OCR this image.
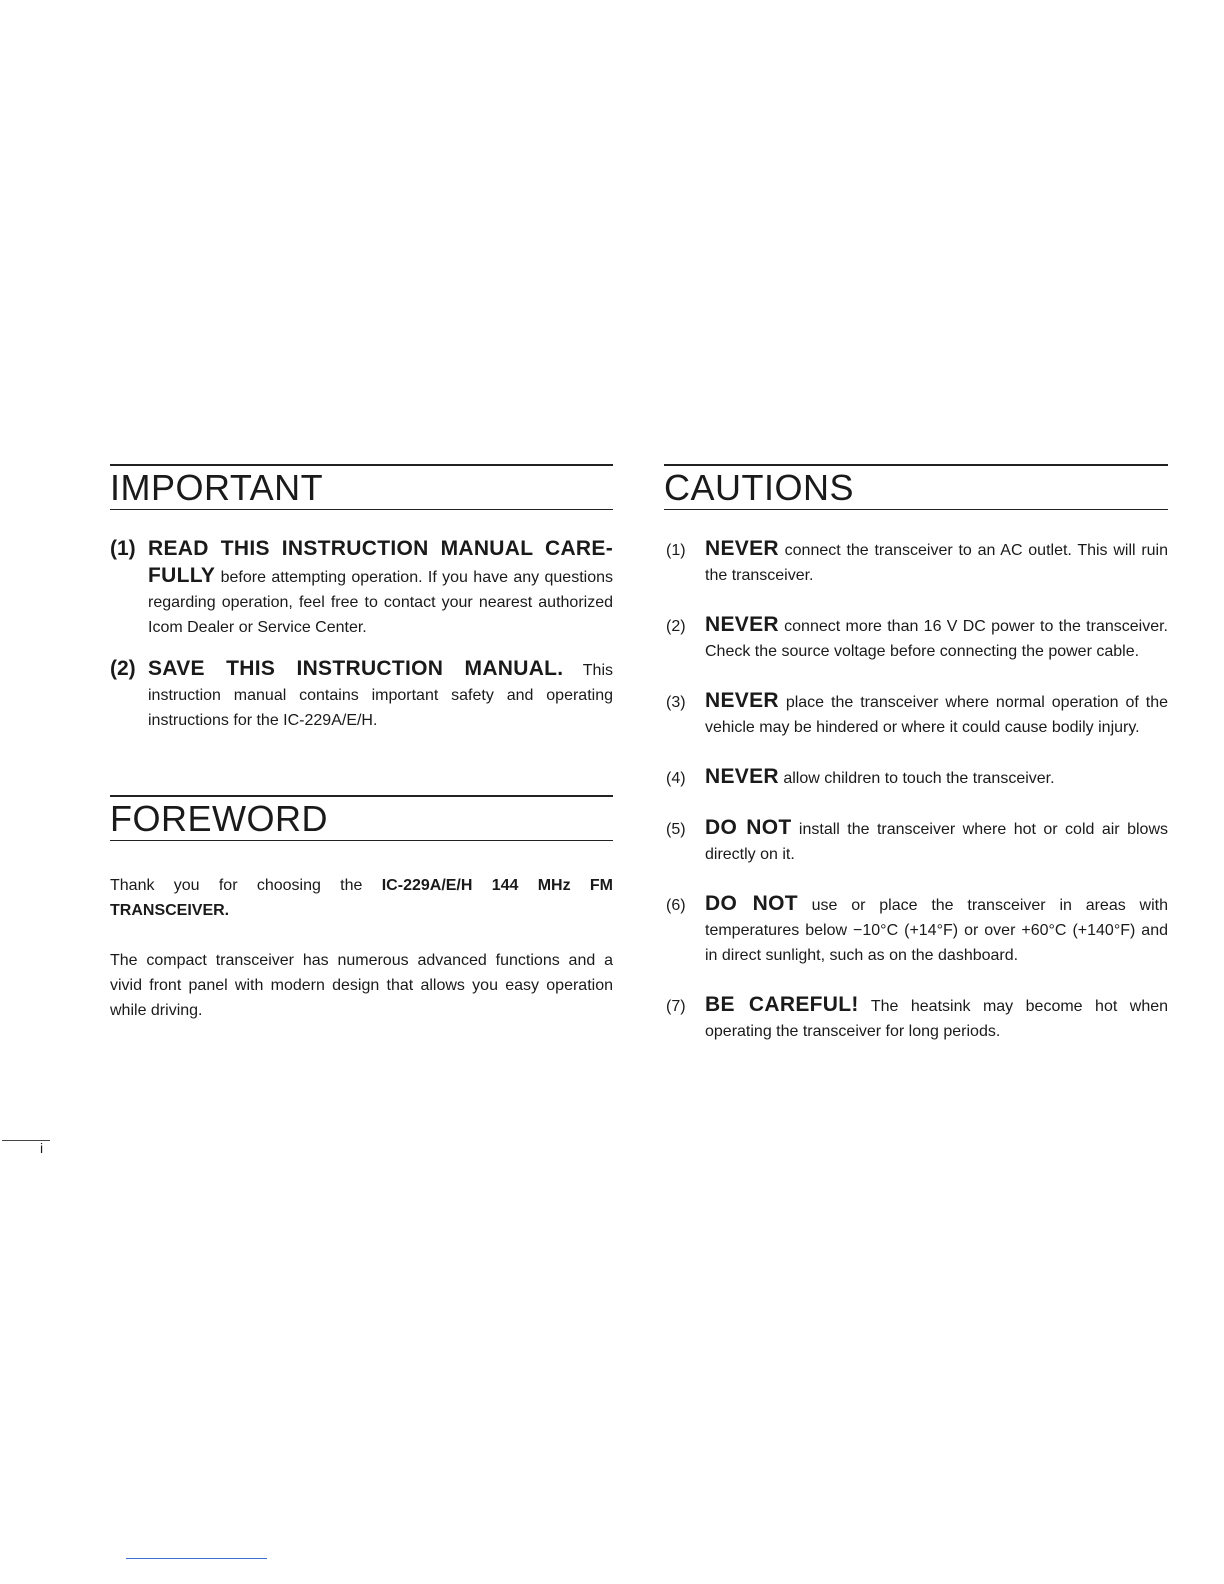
IMPORTANT
(1) READ THIS INSTRUCTION MANUAL CARE-FULLY before attempting operation. If you have any questions regarding operation, feel free to contact your nearest authorized Icom Dealer or Service Center.
(2) SAVE THIS INSTRUCTION MANUAL. This instruction manual contains important safety and operating instructions for the IC-229A/E/H.
FOREWORD

Thank you for choosing the IC-229A/E/H 144 MHz FM TRANSCEIVER.

The compact transceiver has numerous advanced functions and a vivid front panel with modern design that allows you easy operation while driving.

CAUTIONS
(1) NEVER connect the transceiver to an AC outlet. This will ruin the transceiver.
(2) NEVER connect more than 16 V DC power to the transceiver. Check the source voltage before connecting the power cable.
(3) NEVER place the transceiver where normal operation of the vehicle may be hindered or where it could cause bodily injury.
(4) NEVER allow children to touch the transceiver.
(5) DO NOT install the transceiver where hot or cold air blows directly on it.
(6) DO NOT use or place the transceiver in areas with temperatures below −10°C (+14°F) or over +60°C (+140°F) and in direct sunlight, such as on the dashboard.
(7) BE CAREFUL! The heatsink may become hot when operating the transceiver for long periods.
i
